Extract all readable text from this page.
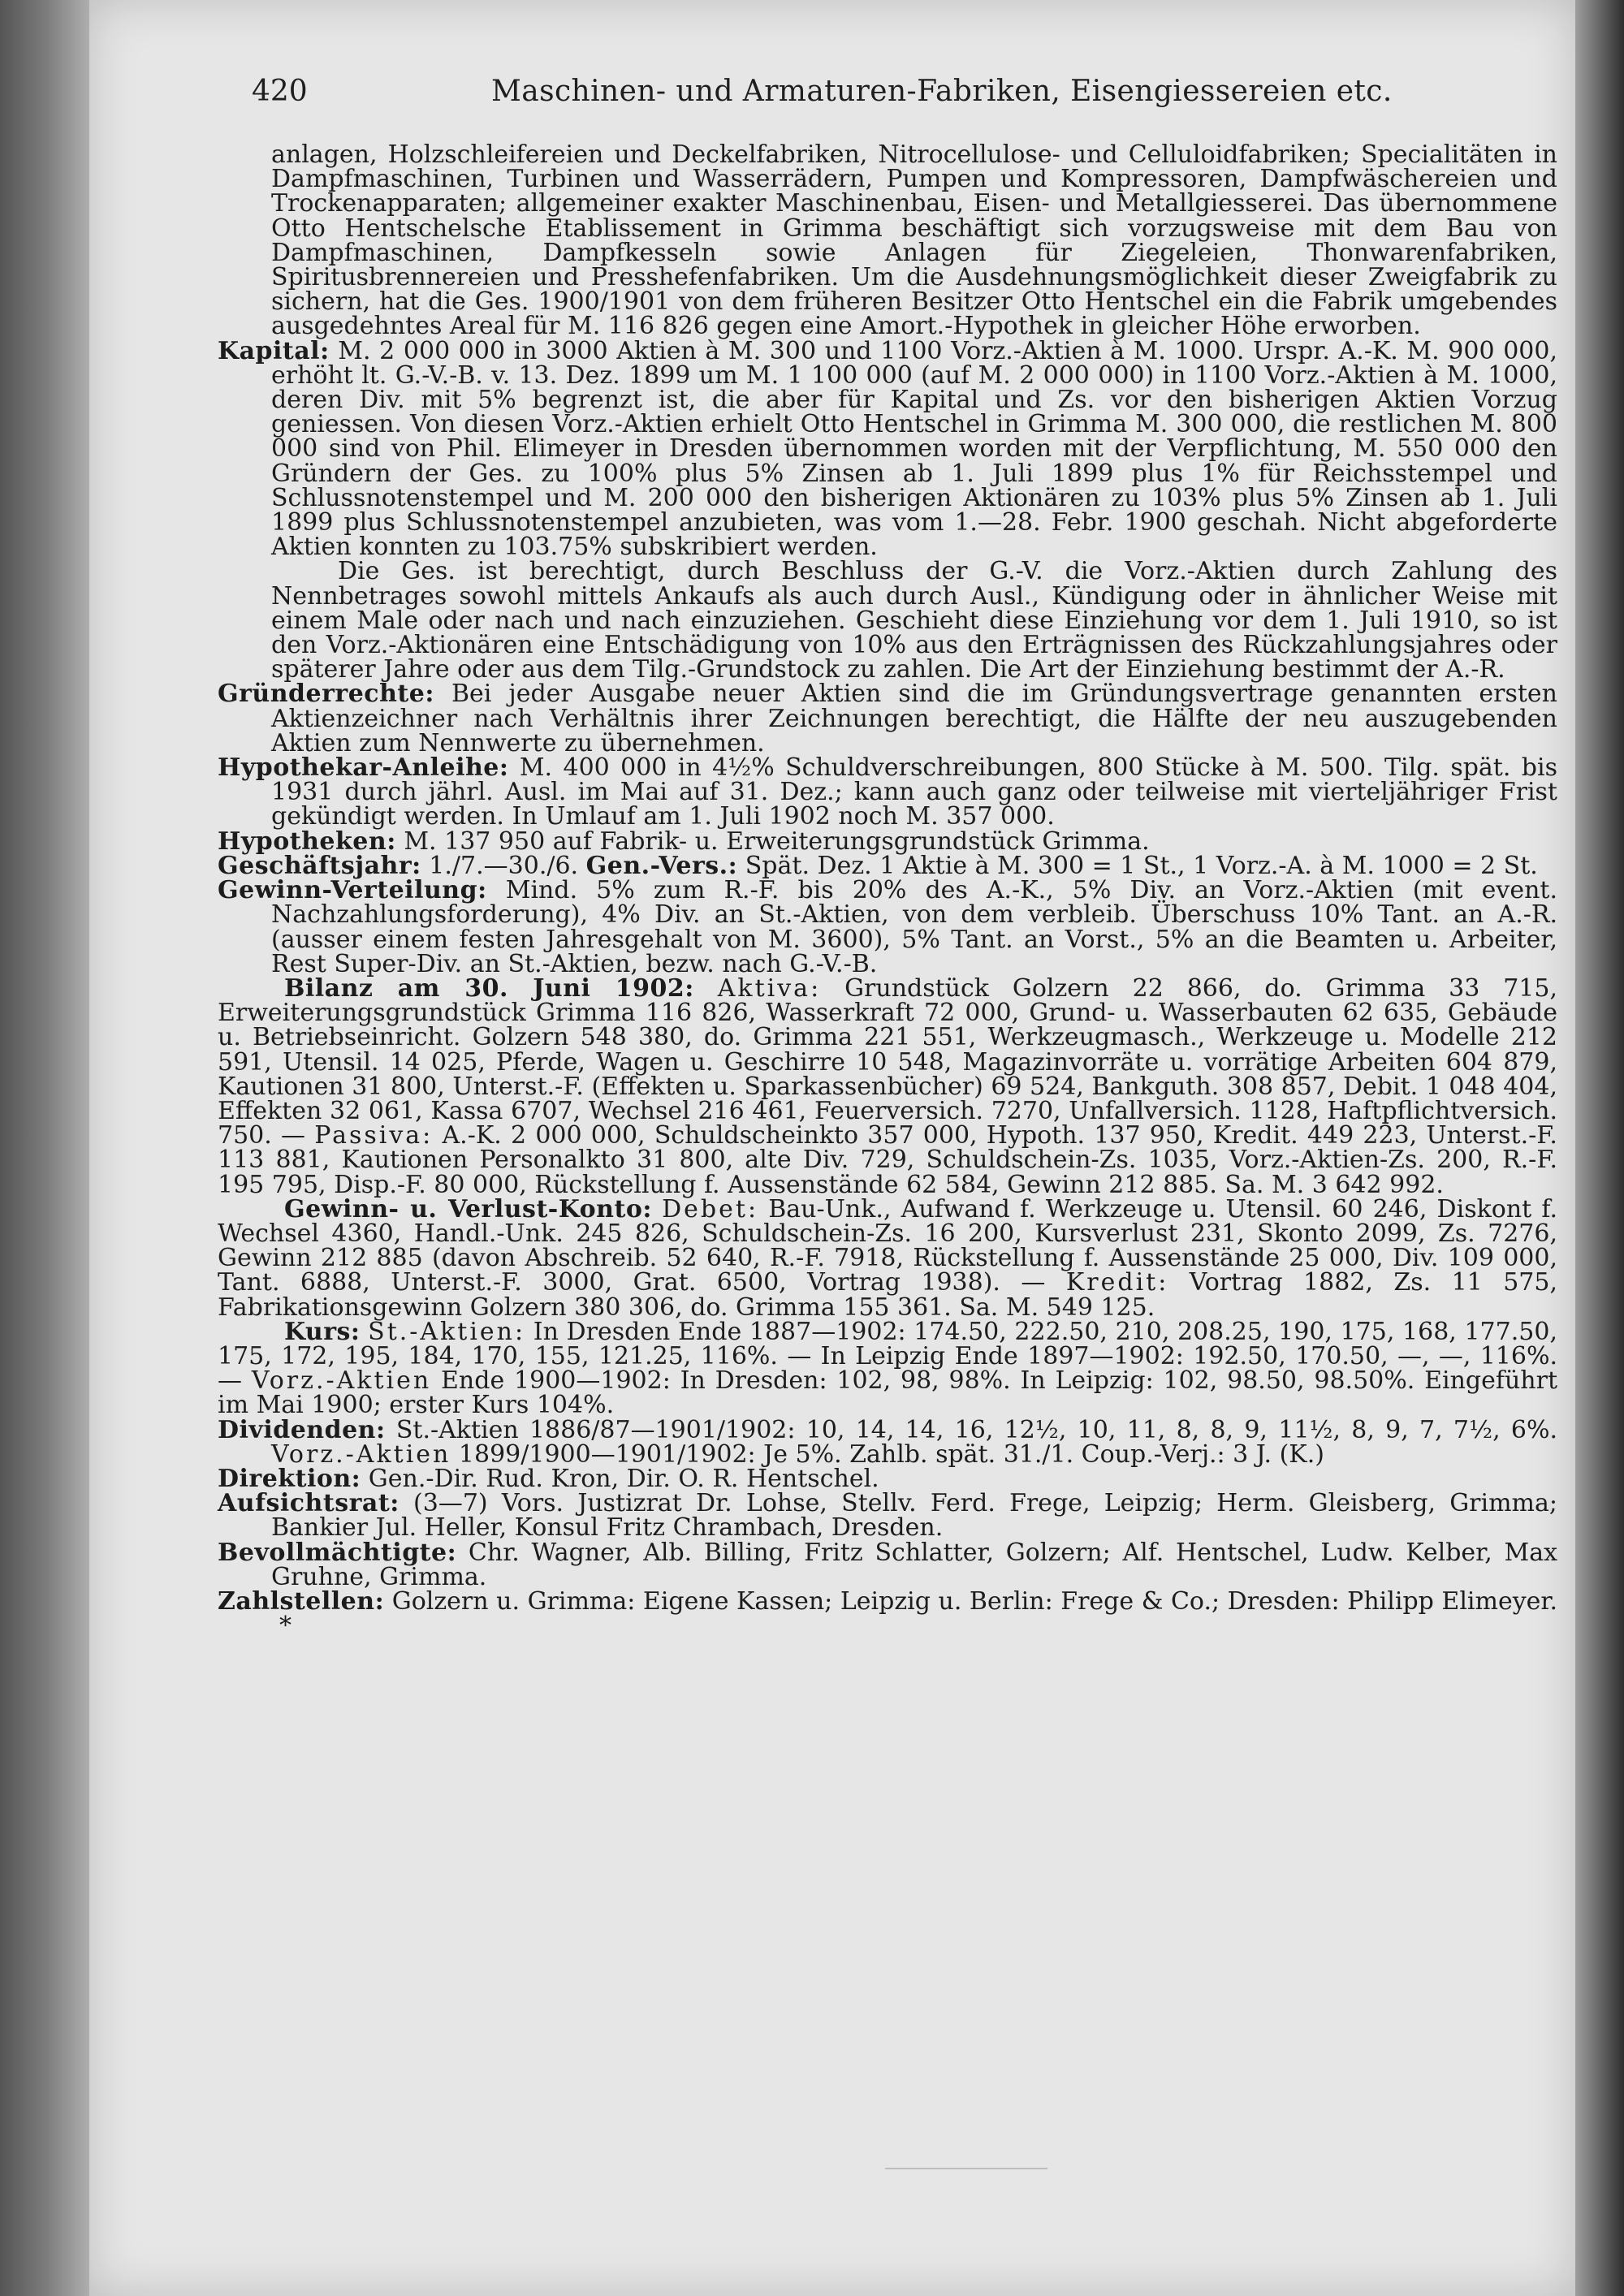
420	Maschinen- und Armaturen-Fabriken, Eisengiessereien etc.

anlagen, Holzschleifereien und Deckelfabriken, Nitrocellulose- und Celluloidfabriken; Specialitäten in Dampfmaschinen, Turbinen und Wasserrädern, Pumpen und Kompressoren, Dampfwäschereien und Trockenapparaten; allgemeiner exakter Maschinenbau, Eisen- und Metallgiesserei. Das übernommene Otto Hentschelsche Etablissement in Grimma beschäftigt sich vorzugsweise mit dem Bau von Dampfmaschinen, Dampfkesseln sowie Anlagen für Ziegeleien, Thonwarenfabriken, Spiritusbrennereien und Presshefenfabriken. Um die Ausdehnungsmöglichkeit dieser Zweigfabrik zu sichern, hat die Ges. 1900/1901 von dem früheren Besitzer Otto Hentschel ein die Fabrik umgebendes ausgedehntes Areal für M. 116 826 gegen eine Amort.-Hypothek in gleicher Höhe erworben.

Kapital: M. 2 000 000 in 3000 Aktien à M. 300 und 1100 Vorz.-Aktien à M. 1000. Urspr. A.-K. M. 900 000, erhöht lt. G.-V.-B. v. 13. Dez. 1899 um M. 1 100 000 (auf M. 2 000 000) in 1100 Vorz.-Aktien à M. 1000, deren Div. mit 5% begrenzt ist, die aber für Kapital und Zs. vor den bisherigen Aktien Vorzug geniessen. Von diesen Vorz.-Aktien erhielt Otto Hentschel in Grimma M. 300 000, die restlichen M. 800 000 sind von Phil. Elimeyer in Dresden übernommen worden mit der Verpflichtung, M. 550 000 den Gründern der Ges. zu 100% plus 5% Zinsen ab 1. Juli 1899 plus 1% für Reichsstempel und Schlussnotenstempel und M. 200 000 den bisherigen Aktionären zu 103% plus 5% Zinsen ab 1. Juli 1899 plus Schlussnotenstempel anzubieten, was vom 1.—28. Febr. 1900 geschah. Nicht abgeforderte Aktien konnten zu 103.75% subskribiert werden.

Die Ges. ist berechtigt, durch Beschluss der G.-V. die Vorz.-Aktien durch Zahlung des Nennbetrages sowohl mittels Ankaufs als auch durch Ausl., Kündigung oder in ähnlicher Weise mit einem Male oder nach und nach einzuziehen. Geschieht diese Einziehung vor dem 1. Juli 1910, so ist den Vorz.-Aktionären eine Entschädigung von 10% aus den Erträgnissen des Rückzahlungsjahres oder späterer Jahre oder aus dem Tilg.-Grundstock zu zahlen. Die Art der Einziehung bestimmt der A.-R.

Gründerrechte: Bei jeder Ausgabe neuer Aktien sind die im Gründungsvertrage genannten ersten Aktienzeichner nach Verhältnis ihrer Zeichnungen berechtigt, die Hälfte der neu auszugebenden Aktien zum Nennwerte zu übernehmen.

Hypothekar-Anleihe: M. 400 000 in 4½% Schuldverschreibungen, 800 Stücke à M. 500. Tilg. spät. bis 1931 durch jährl. Ausl. im Mai auf 31. Dez.; kann auch ganz oder teilweise mit vierteljähriger Frist gekündigt werden. In Umlauf am 1. Juli 1902 noch M. 357 000.

Hypotheken: M. 137 950 auf Fabrik- u. Erweiterungsgrundstück Grimma.

Geschäftsjahr: 1./7.—30./6. Gen.-Vers.: Spät. Dez. 1 Aktie à M. 300 = 1 St., 1 Vorz.-A. à M. 1000 = 2 St.

Gewinn-Verteilung: Mind. 5% zum R.-F. bis 20% des A.-K., 5% Div. an Vorz.-Aktien (mit event. Nachzahlungsforderung), 4% Div. an St.-Aktien, von dem verbleib. Überschuss 10% Tant. an A.-R. (ausser einem festen Jahresgehalt von M. 3600), 5% Tant. an Vorst., 5% an die Beamten u. Arbeiter, Rest Super-Div. an St.-Aktien, bezw. nach G.-V.-B.

Bilanz am 30. Juni 1902: Aktiva: Grundstück Golzern 22 866, do. Grimma 33 715, Erweiterungsgrundstück Grimma 116 826, Wasserkraft 72 000, Grund- u. Wasserbauten 62 635, Gebäude u. Betriebseinricht. Golzern 548 380, do. Grimma 221 551, Werkzeugmasch., Werkzeuge u. Modelle 212 591, Utensil. 14 025, Pferde, Wagen u. Geschirre 10 548, Magazinvorräte u. vorrätige Arbeiten 604 879, Kautionen 31 800, Unterst.-F. (Effekten u. Sparkassenbücher) 69 524, Bankguth. 308 857, Debit. 1 048 404, Effekten 32 061, Kassa 6707, Wechsel 216 461, Feuerversich. 7270, Unfallversich. 1128, Haftpflichtversich. 750. — Passiva: A.-K. 2 000 000, Schuldscheinkto 357 000, Hypoth. 137 950, Kredit. 449 223, Unterst.-F. 113 881, Kautionen Personalkto 31 800, alte Div. 729, Schuldschein-Zs. 1035, Vorz.-Aktien-Zs. 200, R.-F. 195 795, Disp.-F. 80 000, Rückstellung f. Aussenstände 62 584, Gewinn 212 885. Sa. M. 3 642 992.

Gewinn- u. Verlust-Konto: Debet: Bau-Unk., Aufwand f. Werkzeuge u. Utensil. 60 246, Diskont f. Wechsel 4360, Handl.-Unk. 245 826, Schuldschein-Zs. 16 200, Kursverlust 231, Skonto 2099, Zs. 7276, Gewinn 212 885 (davon Abschreib. 52 640, R.-F. 7918, Rückstellung f. Aussenstände 25 000, Div. 109 000, Tant. 6888, Unterst.-F. 3000, Grat. 6500, Vortrag 1938). — Kredit: Vortrag 1882, Zs. 11 575, Fabrikationsgewinn Golzern 380 306, do. Grimma 155 361. Sa. M. 549 125.

Kurs: St.-Aktien: In Dresden Ende 1887—1902: 174.50, 222.50, 210, 208.25, 190, 175, 168, 177.50, 175, 172, 195, 184, 170, 155, 121.25, 116%. — In Leipzig Ende 1897—1902: 192.50, 170.50, —, —, 116%. — Vorz.-Aktien Ende 1900—1902: In Dresden: 102, 98, 98%. In Leipzig: 102, 98.50, 98.50%. Eingeführt im Mai 1900; erster Kurs 104%.

Dividenden: St.-Aktien 1886/87—1901/1902: 10, 14, 14, 16, 12½, 10, 11, 8, 8, 9, 11½, 8, 9, 7, 7½, 6%. Vorz.-Aktien 1899/1900—1901/1902: Je 5%. Zahlb. spät. 31./1. Coup.-Verj.: 3 J. (K.)

Direktion: Gen.-Dir. Rud. Kron, Dir. O. R. Hentschel.

Aufsichtsrat: (3—7) Vors. Justizrat Dr. Lohse, Stellv. Ferd. Frege, Leipzig; Herm. Gleisberg, Grimma; Bankier Jul. Heller, Konsul Fritz Chrambach, Dresden.

Bevollmächtigte: Chr. Wagner, Alb. Billing, Fritz Schlatter, Golzern; Alf. Hentschel, Ludw. Kelber, Max Gruhne, Grimma.

Zahlstellen: Golzern u. Grimma: Eigene Kassen; Leipzig u. Berlin: Frege & Co.; Dresden: Philipp Elimeyer. *
